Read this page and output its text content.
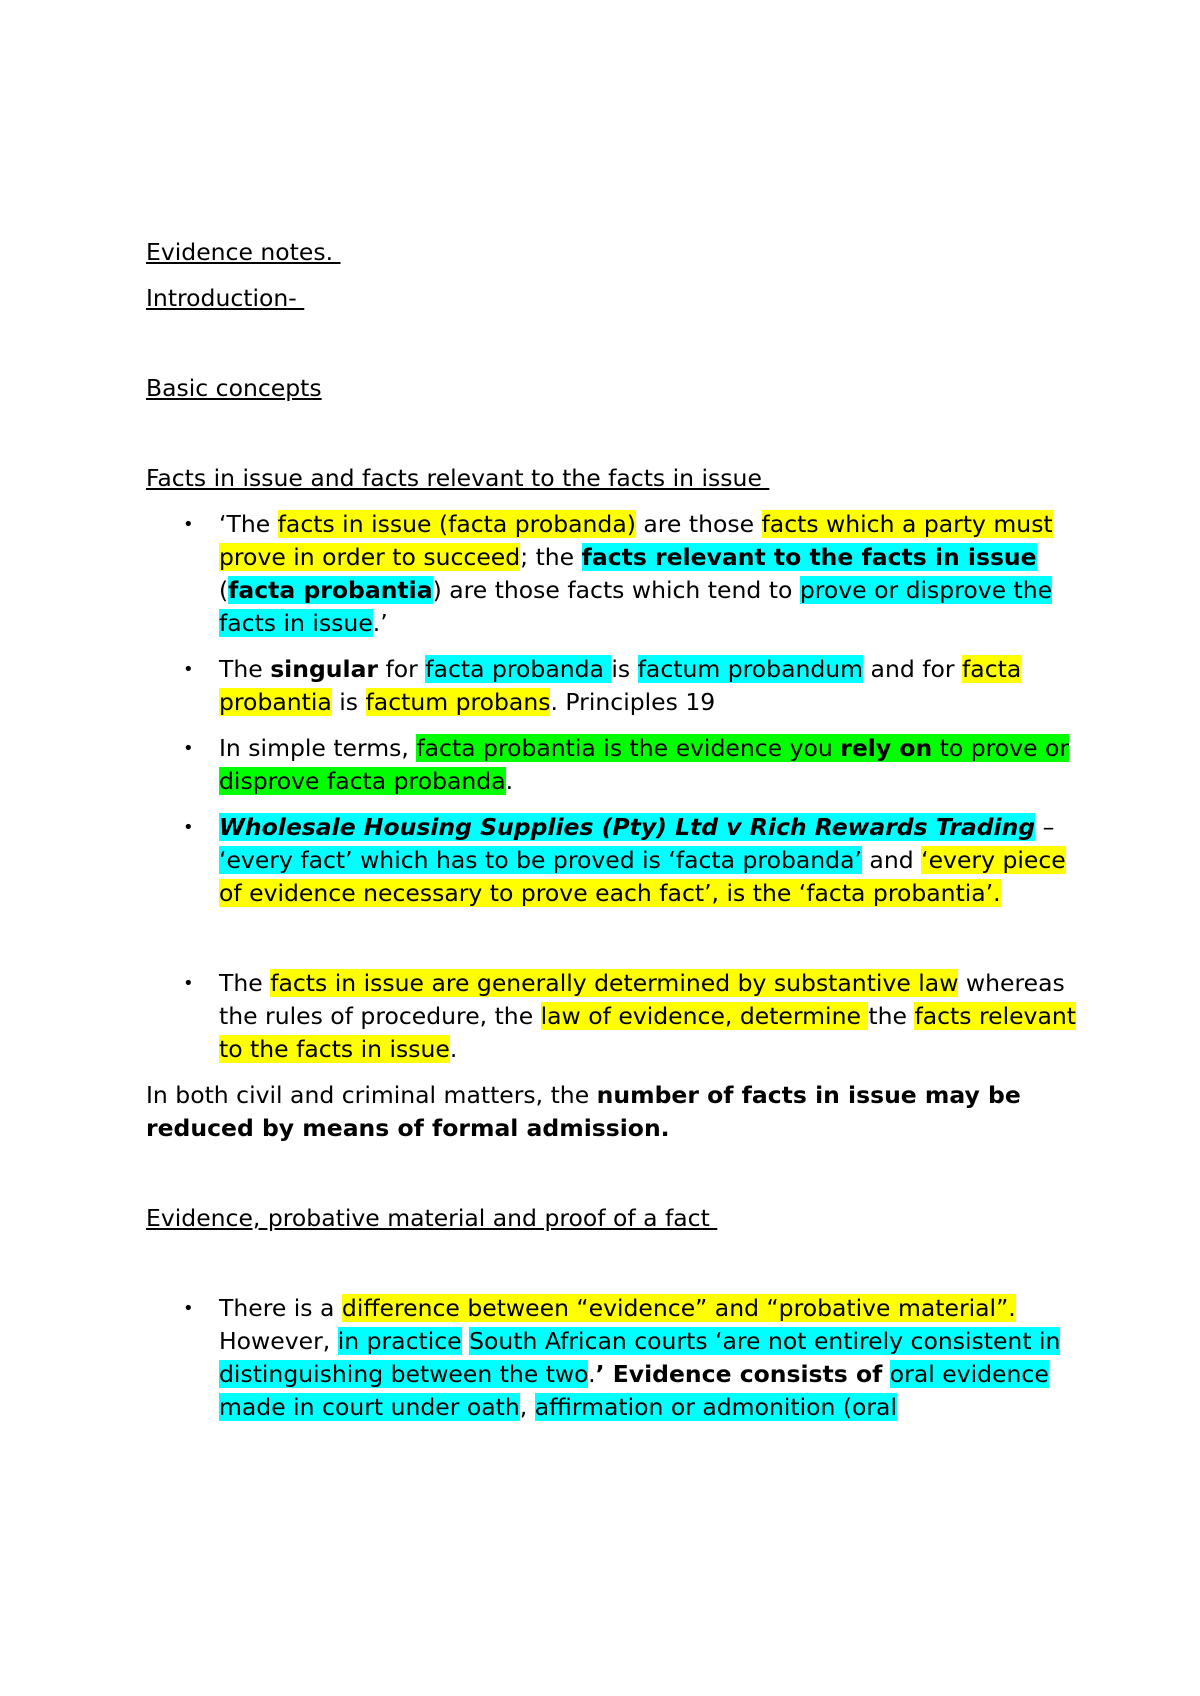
Evidence notes.

Introduction-

Basic concepts

Facts in issue and facts relevant to the facts in issue

• ‘The facts in issue (facta probanda) are those facts which a party must prove in order to succeed; the facts relevant to the facts in issue (facta probantia) are those facts which tend to prove or disprove the facts in issue.’
• The singular for facta probanda is factum probandum and for facta probantia is factum probans. Principles 19
• In simple terms, facta probantia is the evidence you rely on to prove or disprove facta probanda.
• Wholesale Housing Supplies (Pty) Ltd v Rich Rewards Trading – ‘every fact’ which has to be proved is ‘facta probanda’ and ‘every piece of evidence necessary to prove each fact’, is the ‘facta probantia’.
• The facts in issue are generally determined by substantive law whereas the rules of procedure, the law of evidence, determine the facts relevant to the facts in issue.

In both civil and criminal matters, the number of facts in issue may be reduced by means of formal admission.

Evidence, probative material and proof of a fact

• There is a difference between “evidence” and “probative material”. However, in practice South African courts ‘are not entirely consistent in distinguishing between the two.’ Evidence consists of oral evidence made in court under oath, affirmation or admonition (oral
